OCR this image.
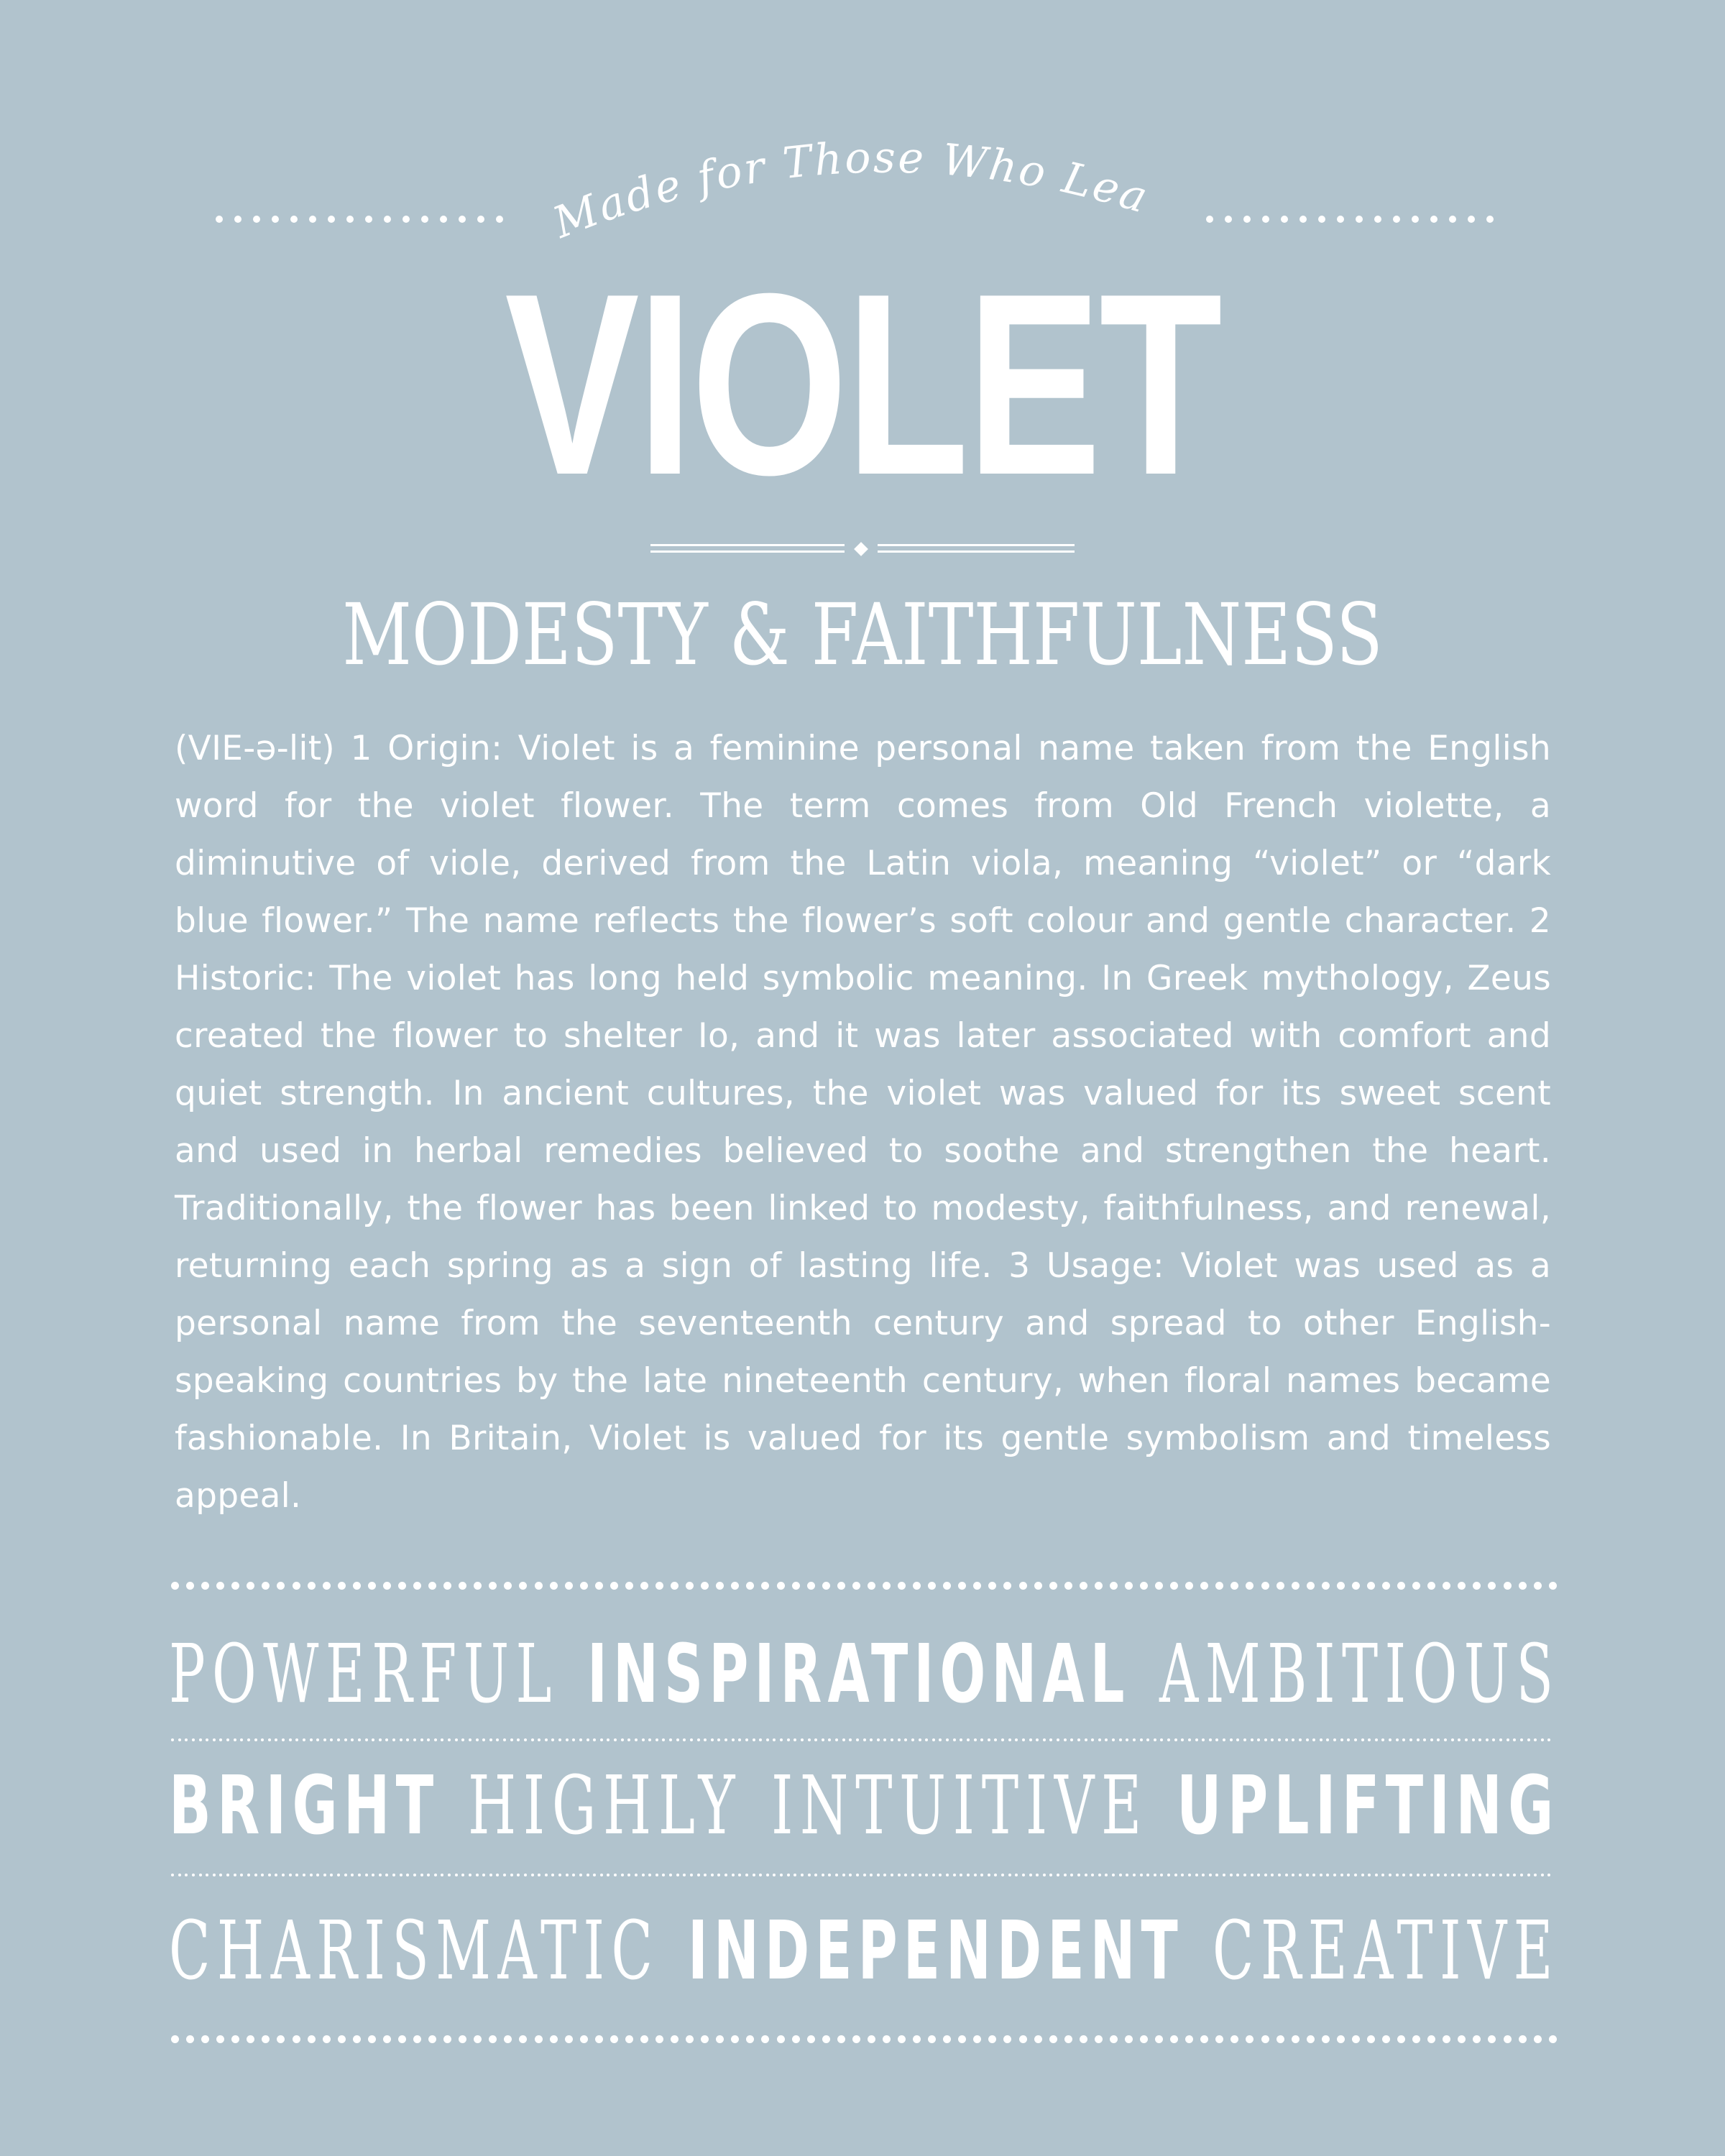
Made for Those Who Lead
VIOLET
MODESTY & FAITHFULNESS
(VIE-ə-lit) 1 Origin: Violet is a feminine personal name taken from the English word for the violet flower. The term comes from Old French violette, a diminutive of viole, derived from the Latin viola, meaning “violet” or “dark blue flower.” The name reflects the flower’s soft colour and gentle character. 2 Historic: The violet has long held symbolic meaning. In Greek mythology, Zeus created the flower to shelter Io, and it was later associated with comfort and quiet strength. In ancient cultures, the violet was valued for its sweet scent and used in herbal remedies believed to soothe and strengthen the heart. Traditionally, the flower has been linked to modesty, faithfulness, and renewal, returning each spring as a sign of lasting life. 3 Usage: Violet was used as a personal name from the seventeenth century and spread to other English-speaking countries by the late nineteenth century, when floral names became fashionable. In Britain, Violet is valued for its gentle symbolism and timeless appeal.
POWERFUL INSPIRATIONAL AMBITIOUS
BRIGHT HIGHLY INTUITIVE UPLIFTING
CHARISMATIC INDEPENDENT CREATIVE
